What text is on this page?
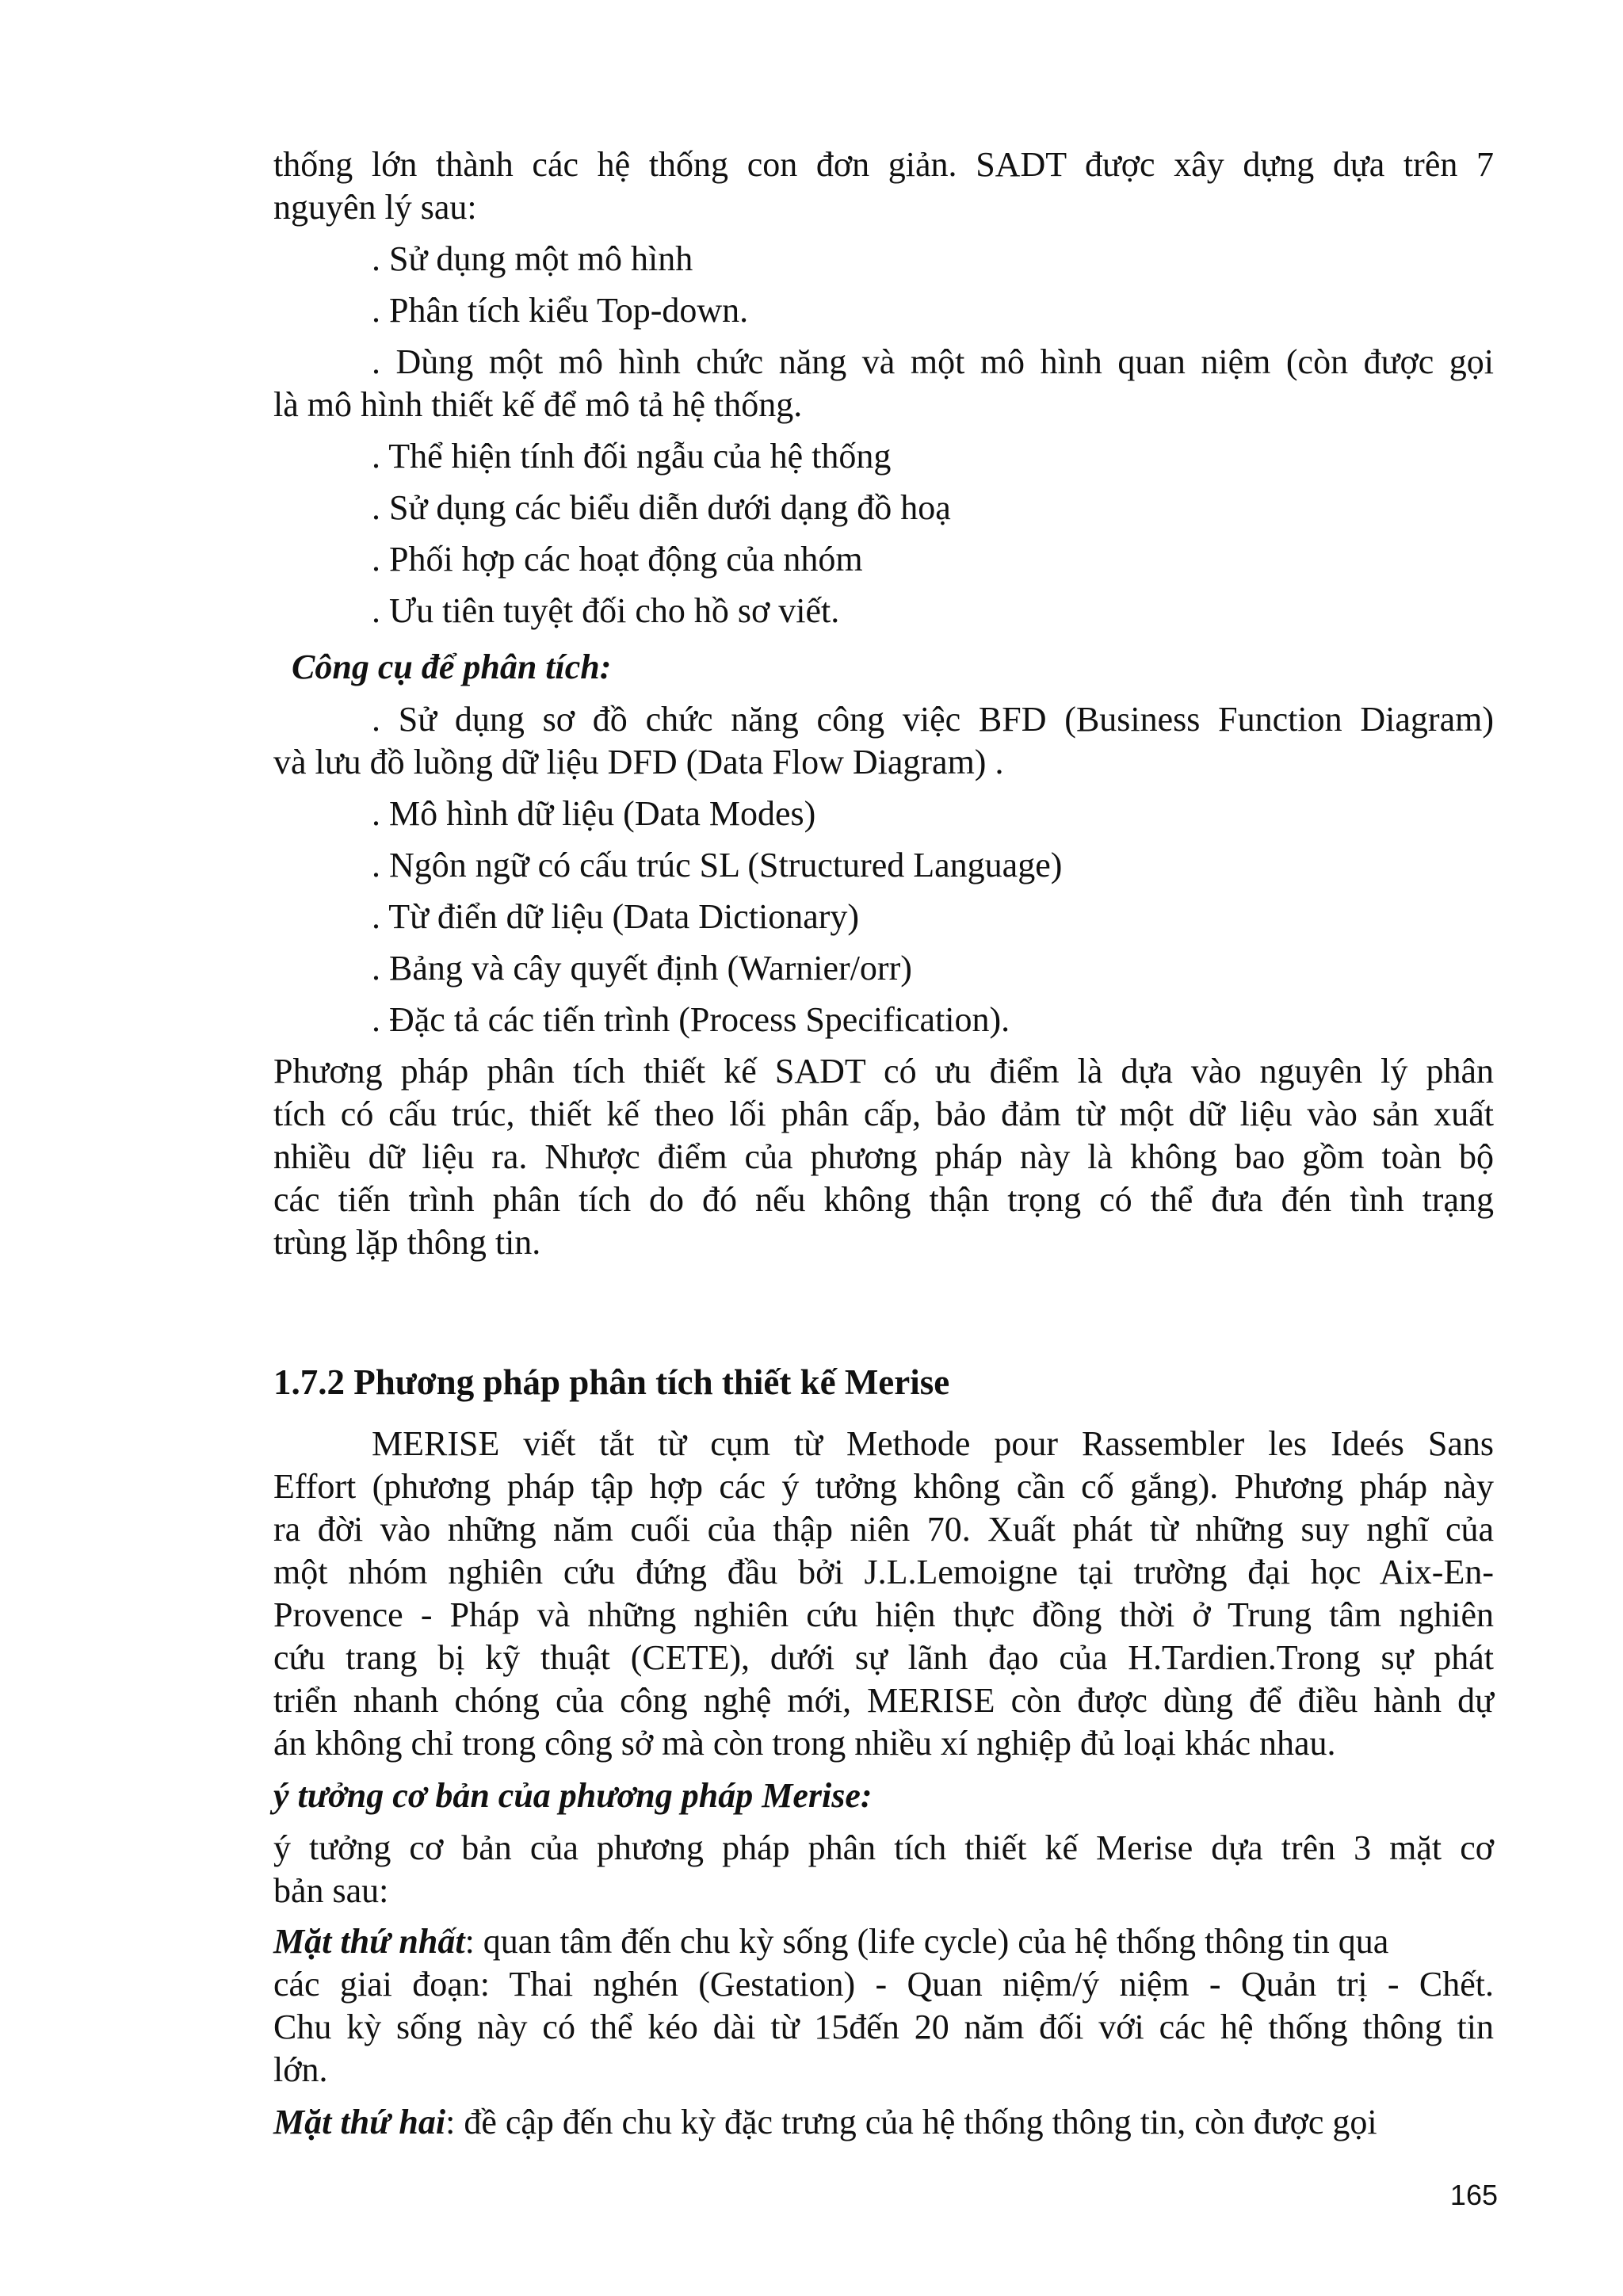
thống lớn thành các hệ thống con đơn giản. SADT được xây dựng dựa trên 7
nguyên lý sau:
. Sử dụng một mô hình
. Phân tích kiểu Top-down.
. Dùng một mô hình chức năng và một mô hình quan niệm (còn được gọi
là mô hình thiết kế để mô tả hệ thống.
. Thể hiện tính đối ngẫu của hệ thống
. Sử dụng các biểu diễn dưới dạng đồ hoạ
. Phối hợp các hoạt động của nhóm
. Ưu tiên tuyệt đối cho hồ sơ viết.
Công cụ để phân tích:
. Sử dụng sơ đồ chức năng công việc BFD (Business Function Diagram)
và lưu đồ luồng dữ liệu DFD (Data Flow Diagram) .
. Mô hình dữ liệu (Data Modes)
. Ngôn ngữ có cấu trúc SL (Structured Language)
. Từ điển dữ liệu (Data Dictionary)
. Bảng và cây quyết định (Warnier/orr)
. Đặc tả các tiến trình (Process Specification).
Phương pháp phân tích thiết kế SADT có ưu điểm là dựa vào nguyên lý phân
tích có cấu trúc, thiết kế theo lối phân cấp, bảo đảm từ một dữ liệu vào sản xuất
nhiều dữ liệu ra. Nhược điểm của phương pháp này là không bao gồm toàn bộ
các tiến trình phân tích do đó nếu không thận trọng có thể đưa đén tình trạng
trùng lặp thông tin.
1.7.2 Phương pháp phân tích thiết kế Merise
MERISE viết tắt từ cụm từ Methode pour Rassembler les Ideés Sans
Effort (phương pháp tập hợp các ý tưởng không cần cố gắng). Phương pháp này
ra đời vào những năm cuối của thập niên 70. Xuất phát từ những suy nghĩ của
một nhóm nghiên cứu đứng đầu bởi J.L.Lemoigne tại trường đại học Aix-En-
Provence - Pháp và những nghiên cứu hiện thực đồng thời ở Trung tâm nghiên
cứu trang bị kỹ thuật (CETE), dưới sự lãnh đạo của H.Tardien.Trong sự phát
triển nhanh chóng của công nghệ mới, MERISE còn được dùng để điều hành dự
án không chỉ trong công sở mà còn trong nhiều xí nghiệp đủ loại khác nhau.
ý tưởng cơ bản của phương pháp Merise:
ý tưởng cơ bản của phương pháp phân tích thiết kế Merise dựa trên 3 mặt cơ
bản sau:
Mặt thứ nhất: quan tâm đến chu kỳ sống (life cycle) của hệ thống thông tin qua
các giai đoạn: Thai nghén (Gestation) - Quan niệm/ý niệm - Quản trị - Chết.
Chu kỳ sống này có thể kéo dài từ 15đến 20 năm đối với các hệ thống thông tin
lớn.
Mặt thứ hai: đề cập đến chu kỳ đặc trưng của hệ thống thông tin, còn được gọi
165
